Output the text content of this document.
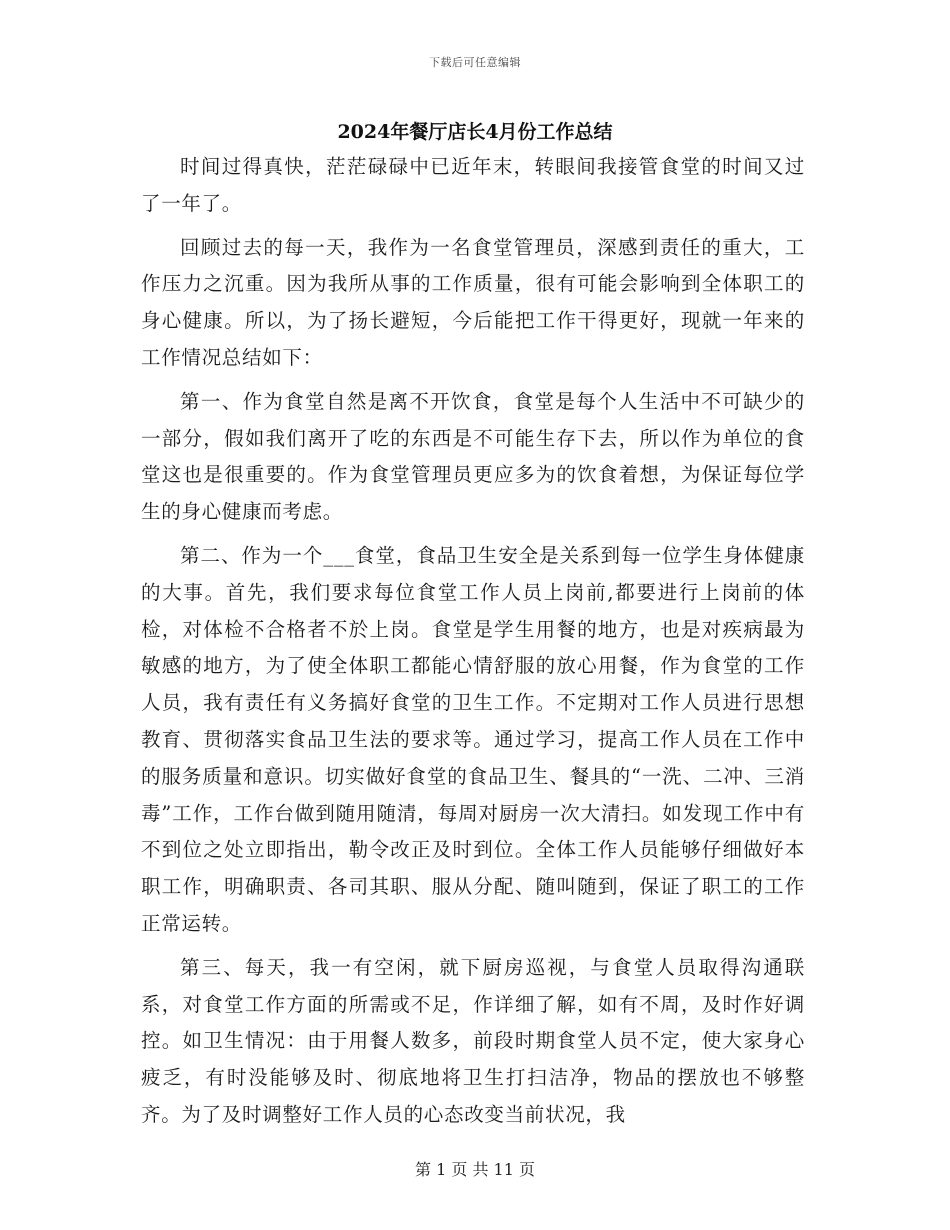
下载后可任意编辑
2024年餐厅店长4月份工作总结

时间过得真快，茫茫碌碌中已近年末，转眼间我接管食堂的时间又过了一年了。

回顾过去的每一天，我作为一名食堂管理员，深感到责任的重大，工作压力之沉重。因为我所从事的工作质量，很有可能会影响到全体职工的身心健康。所以，为了扬长避短，今后能把工作干得更好，现就一年来的工作情况总结如下：

第一、作为食堂自然是离不开饮食，食堂是每个人生活中不可缺少的一部分，假如我们离开了吃的东西是不可能生存下去，所以作为单位的食堂这也是很重要的。作为食堂管理员更应多为的饮食着想，为保证每位学生的身心健康而考虑。

第二、作为一个___食堂，食品卫生安全是关系到每一位学生身体健康的大事。首先，我们要求每位食堂工作人员上岗前,都要进行上岗前的体检，对体检不合格者不於上岗。食堂是学生用餐的地方，也是对疾病最为敏感的地方，为了使全体职工都能心情舒服的放心用餐，作为食堂的工作人员，我有责任有义务搞好食堂的卫生工作。不定期对工作人员进行思想教育、贯彻落实食品卫生法的要求等。通过学习，提高工作人员在工作中的服务质量和意识。切实做好食堂的食品卫生、餐具的“一洗、二冲、三消毒”工作，工作台做到随用随清，每周对厨房一次大清扫。如发现工作中有不到位之处立即指出，勒令改正及时到位。全体工作人员能够仔细做好本职工作，明确职责、各司其职、服从分配、随叫随到，保证了职工的工作正常运转。

第三、每天，我一有空闲，就下厨房巡视，与食堂人员取得沟通联系，对食堂工作方面的所需或不足，作详细了解，如有不周，及时作好调控。如卫生情况：由于用餐人数多，前段时期食堂人员不定，使大家身心疲乏，有时没能够及时、彻底地将卫生打扫洁净，物品的摆放也不够整齐。为了及时调整好工作人员的心态改变当前状况，我

第 1 页 共 11 页
